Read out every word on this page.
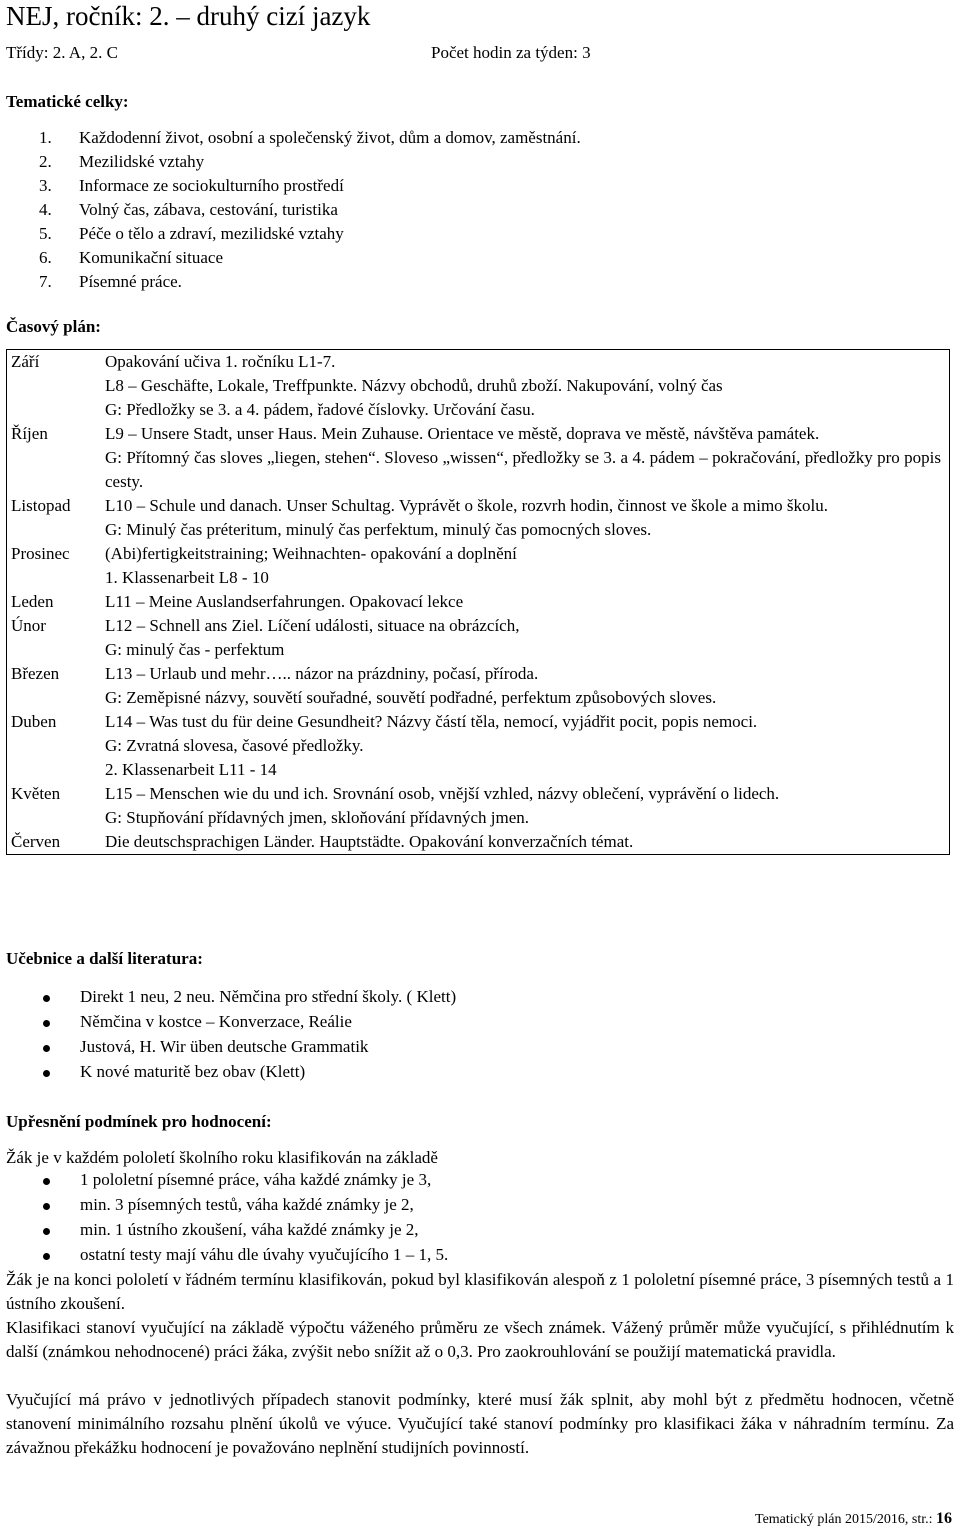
NEJ, ročník: 2. – druhý cizí jazyk
Třídy: 2. A, 2. C	Počet hodin za týden: 3
Tematické celky:
1. Každodenní život, osobní a společenský život, dům a domov, zaměstnání.
2. Mezilidské vztahy
3. Informace ze sociokulturního prostředí
4. Volný čas, zábava, cestování, turistika
5. Péče o tělo a zdraví, mezilidské vztahy
6. Komunikační situace
7. Písemné práce.
Časový plán:
Září	Opakování učiva 1. ročníku L1-7.
L8 – Geschäfte, Lokale, Treffpunkte. Názvy obchodů, druhů zboží. Nakupování, volný čas
G: Předložky se 3. a 4. pádem, řadové číslovky. Určování času.

Říjen	L9 – Unsere Stadt, unser Haus. Mein Zuhause. Orientace ve městě, doprava ve městě, návštěva památek.
G: Přítomný čas sloves „liegen, stehen“. Sloveso „wissen“, předložky se 3. a 4. pádem – pokračování, předložky pro popis cesty.

Listopad	L10 – Schule und danach. Unser Schultag. Vyprávět o škole, rozvrh hodin, činnost ve škole a mimo školu.
G: Minulý čas préteritum, minulý čas perfektum, minulý čas pomocných sloves.

Prosinec	(Abi)fertigkeitstraining; Weihnachten- opakování a doplnění
1. Klassenarbeit L8 - 10

Leden	L11 – Meine Auslandserfahrungen. Opakovací lekce

Únor	L12 – Schnell ans Ziel. Líčení události, situace na obrázcích,
G: minulý čas - perfektum

Březen	L13 – Urlaub und mehr….. názor na prázdniny, počasí, příroda.
G: Zeměpisné názvy, souvětí souřadné, souvětí podřadné, perfektum způsobových sloves.

Duben	L14 – Was tust du für deine Gesundheit? Názvy částí těla, nemocí, vyjádřit pocit, popis nemoci.
G: Zvratná slovesa, časové předložky.
2. Klassenarbeit L11 - 14

Květen	L15 – Menschen wie du und ich. Srovnání osob, vnější vzhled, názvy oblečení, vyprávění o lidech.
G: Stupňování přídavných jmen, skloňování přídavných jmen.

Červen	Die deutschsprachigen Länder. Hauptstädte. Opakování konverzačních témat.
Učebnice a další literatura:
Direkt 1 neu, 2 neu. Němčina pro střední školy. ( Klett)
Němčina v kostce – Konverzace, Reálie
Justová, H. Wir üben deutsche Grammatik
K nové maturitě bez obav (Klett)
Upřesnění podmínek pro hodnocení:
Žák je v každém pololetí školního roku klasifikován na základě
1 pololetní písemné práce, váha každé známky je 3,
min. 3 písemných testů, váha každé známky je 2,
min. 1 ústního zkoušení, váha každé známky je 2,
ostatní testy mají váhu dle úvahy vyučujícího 1 – 1, 5.
Žák je na konci pololetí v řádném termínu klasifikován, pokud byl klasifikován alespoň z 1 pololetní písemné práce, 3 písemných testů a 1 ústního zkoušení.
Klasifikaci stanoví vyučující na základě výpočtu váženého průměru ze všech známek. Vážený průměr může vyučující, s přihlédnutím k další (známkou nehodnocené) práci žáka, zvýšit nebo snížit až o 0,3. Pro zaokrouhlování se použijí matematická pravidla.
Vyučující má právo v jednotlivých případech stanovit podmínky, které musí žák splnit, aby mohl být z předmětu hodnocen, včetně stanovení minimálního rozsahu plnění úkolů ve výuce. Vyučující také stanoví podmínky pro klasifikaci žáka v náhradním termínu. Za závažnou překážku hodnocení je považováno neplnění studijních povinností.
Tematický plán 2015/2016, str.: 16
